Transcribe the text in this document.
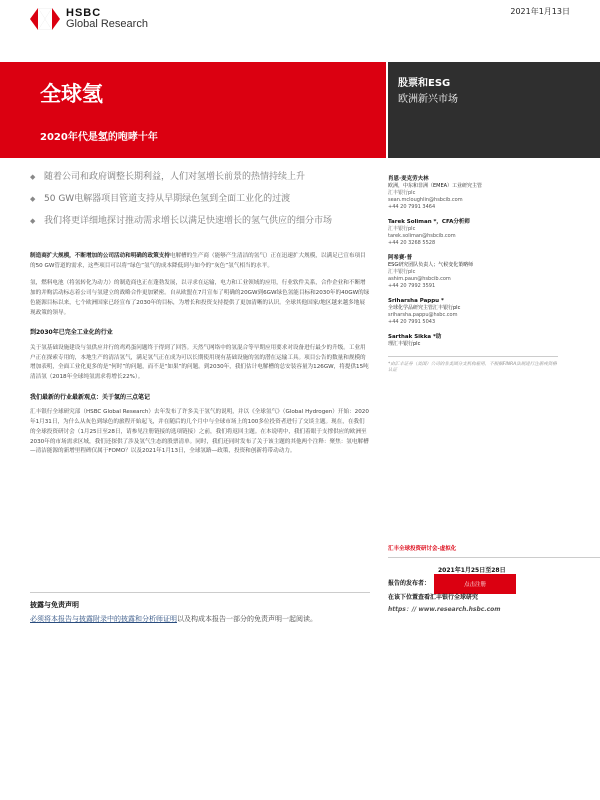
HSBC
Global Research
2021年1月13日
全球氢
2020年代是氢的咆哮十年
股票和ESG
欧洲新兴市场
◆ 随着公司和政府调整长期利益，人们对氢增长前景的热情持续上升
◆ 50 GW电解器项目管道支持从早期绿色氢到全面工业化的过渡
◆ 我们将更详细地探讨推动需求增长以满足快速增长的氢气供应的细分市场

制造商扩大规模，不断增加的公司活动和明确的政策支持电解槽的生产商（能够产生清洁的氢气）正在迅速扩大规模，以满足已宣布项目的50 GW管道的需求，这些项目可以将“绿色”氢气的成本降低到与如今的“灰色”氢气相当的水平。

氢，燃料电池（将氢转化为动力）的制造商也正在蓬勃发展，以寻求在运输，电力和工业领域的应用，行业软件关系，合作企业和不断增加的并购活动标志着公司与氢建立的战略合作更加紧密。自从欧盟在7月宣布了明确的20GW到6GW绿色氢能目标和2030年的40GW的绿色能源目标以来，七个欧洲国家已经宣布了2030年的目标，为增长和投资支持提供了更加清晰的认识。全球其他国家/地区越来越多地展现政策的领导。

到2030年已完全工业化的行业

关于氢基础设施建设与氢供应并行的鸡鸡蛋问题终于得到了回答。天然气网络中的氢混合等早期应用要求对设备进行最少的升级。工业用户正在探索专用的，本地生产的清洁氢气，满足氢气正在成为可以长期使用现有基础设施的氢的潜在运输工具。项目公告的数量和规模的增加表明，全面工业化更多的是“何时”的问题，而不是“如果”的问题。到2030年，我们估计电解槽的总安装容量为126GW，将提供15吨清洁氢（2018年全球纯氢需求将增长22%）。

我们最新的行业最新观点：关于氢的三点笔记

汇丰银行全球研究部（HSBC Global Research）去年发布了许多关于氢气的说明，并以《全球氢气》（Global Hydrogen）开始：2020年1月31日，为什么从灰色到绿色的旅程开始起飞，并在随后的几个月中与全球市场上的100多位投资者进行了交谈主题。现在，在我们的全球投资研讨会（1月25日至28日，请参见注册链接的选项链接）之前，我们将返回主题。在本说明中，我们着眼于支撑供应的欧洲至2030年的市场需求区域，我们还探供了涉及氢气生态的股票清单。同时，我们还同时发布了关于该主题的其他两个注释：聚焦：氢电解槽—清洁能源的新增里程碑仅属于FOMO？以及2021年1月13日，全球氢路—政策，投资和创新将带动动力。

肖恩·麦克劳夫林
欧洲，中东和非洲（EMEA）工业研究主管
汇丰银行plc
sean.mcloughlin@hsbcib.com
+44 20 7991 3464
Tarek Soliman *，CFA分析师
汇丰银行plc
tarek.soliman@hsbcib.com
+44 20 3268 5528
阿希赛·普
ESG研究团队负责人；气候变化策略师
汇丰银行plc
ashim.paun@hsbcib.com
+44 20 7992 3591
Sriharsha Pappu *
全球化学品研究主管汇丰银行plc
sriharsha.pappu@hsbc.com
+44 20 7991 5043
Sarthak Sikka *助
理汇丰银行plc
*由汇丰证券（美国）公司的非美国分支机构雇用，不根据FINRA法规进行注册或资格认证
汇丰全球投资研讨会-虚拟化
2021年1月25日至28日
报告的发布者：	点击注册
在该下位置查看汇丰银行全球研究
https：// www.research.hsbc.com
披露与免责声明
必须将本报告与披露附录中的披露和分析师证明以及构成本报告一部分的免责声明一起阅读。
